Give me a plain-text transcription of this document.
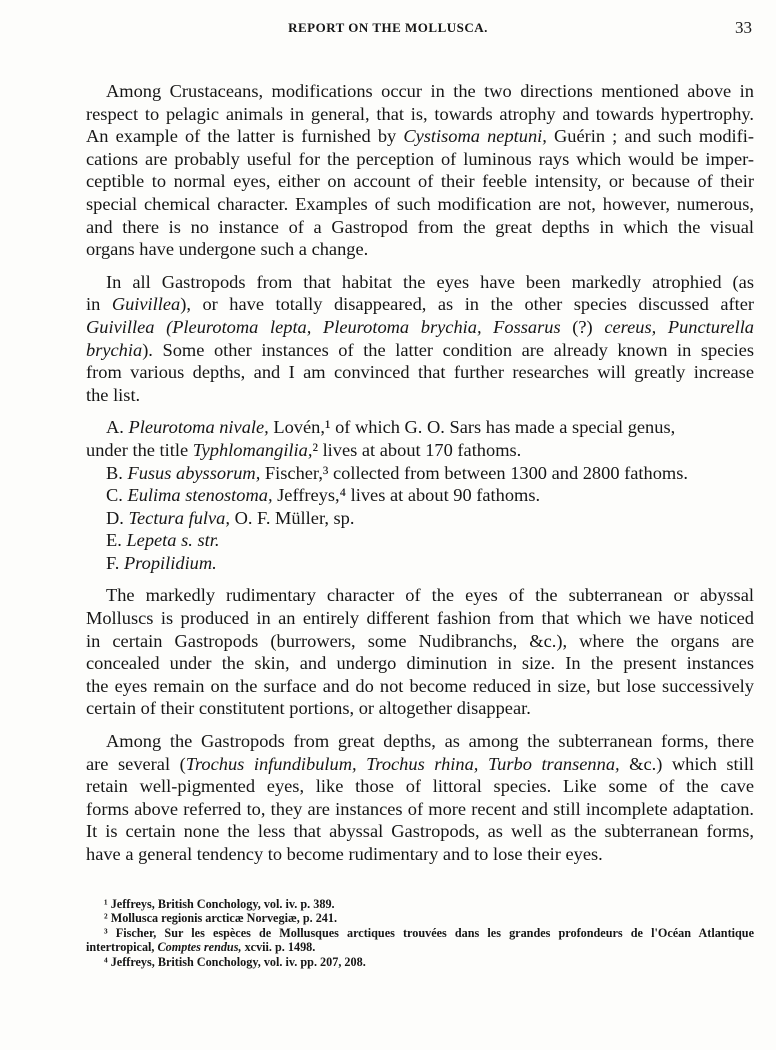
REPORT ON THE MOLLUSCA.	33
Among Crustaceans, modifications occur in the two directions mentioned above in
respect to pelagic animals in general, that is, towards atrophy and towards hypertrophy.
An example of the latter is furnished by Cystisoma neptuni, Guérin ; and such modifi-
cations are probably useful for the perception of luminous rays which would be imper-
ceptible to normal eyes, either on account of their feeble intensity, or because of their
special chemical character. Examples of such modification are not, however, numerous,
and there is no instance of a Gastropod from the great depths in which the visual
organs have undergone such a change.
In all Gastropods from that habitat the eyes have been markedly atrophied (as
in Guivillea), or have totally disappeared, as in the other species discussed after
Guivillea (Pleurotoma lepta, Pleurotoma brychia, Fossarus (?) cereus, Puncturella
brychia). Some other instances of the latter condition are already known in species
from various depths, and I am convinced that further researches will greatly increase
the list.
A. Pleurotoma nivale, Lovén,¹ of which G. O. Sars has made a special genus,
under the title Typhlomangilia,² lives at about 170 fathoms.
B. Fusus abyssorum, Fischer,³ collected from between 1300 and 2800 fathoms.
C. Eulima stenostoma, Jeffreys,⁴ lives at about 90 fathoms.
D. Tectura fulva, O. F. Müller, sp.
E. Lepeta s. str.
F. Propilidium.
The markedly rudimentary character of the eyes of the subterranean or abyssal
Molluscs is produced in an entirely different fashion from that which we have noticed
in certain Gastropods (burrowers, some Nudibranchs, &c.), where the organs are
concealed under the skin, and undergo diminution in size. In the present instances
the eyes remain on the surface and do not become reduced in size, but lose successively
certain of their constitutent portions, or altogether disappear.
Among the Gastropods from great depths, as among the subterranean forms, there
are several (Trochus infundibulum, Trochus rhina, Turbo transenna, &c.) which still
retain well-pigmented eyes, like those of littoral species. Like some of the cave
forms above referred to, they are instances of more recent and still incomplete adaptation.
It is certain none the less that abyssal Gastropods, as well as the subterranean forms,
have a general tendency to become rudimentary and to lose their eyes.
¹ Jeffreys, British Conchology, vol. iv. p. 389.
² Mollusca regionis arcticæ Norvegiæ, p. 241.
³ Fischer, Sur les espèces de Mollusques arctiques trouvées dans les grandes profondeurs de l'Océan Atlantique
intertropical, Comptes rendus, xcvii. p. 1498.
⁴ Jeffreys, British Conchology, vol. iv. pp. 207, 208.
